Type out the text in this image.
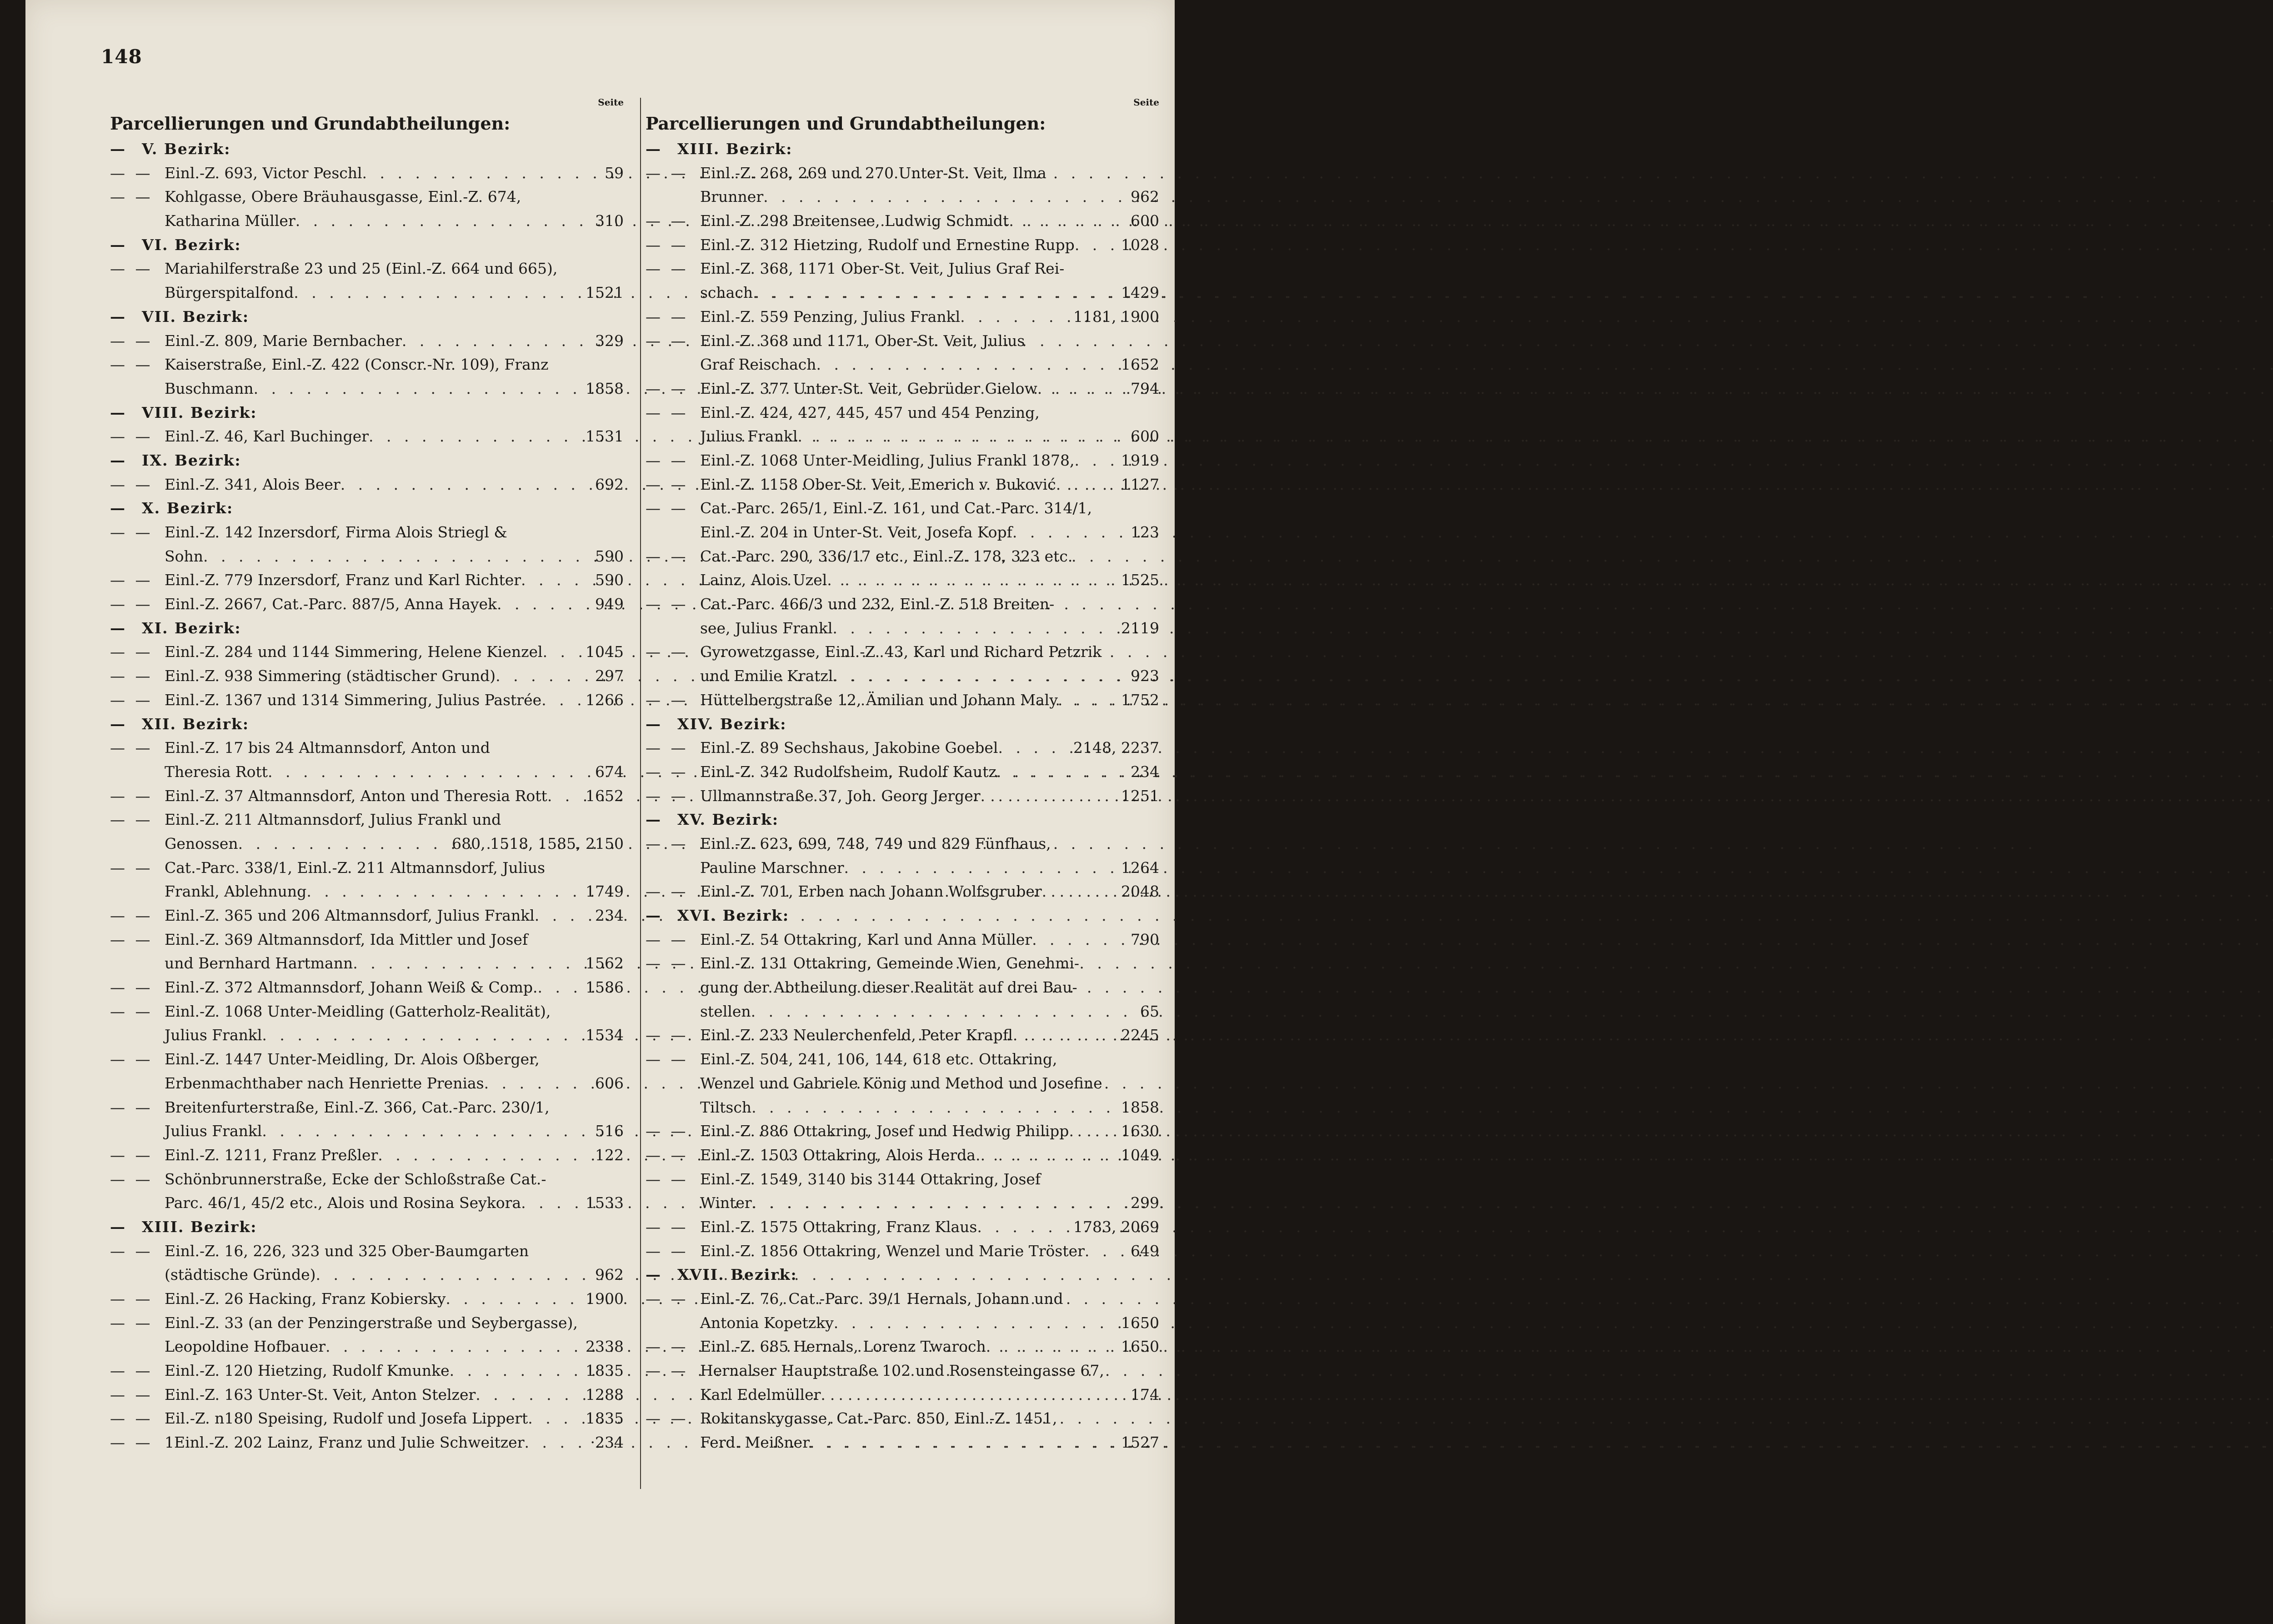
148
Seite
Parcellierungen und Grundabtheilungen:
— V. Bezirk:
— — Einl.-Z. 693, Victor Peschl . . .	59
— — Kohlgasse, Obere Bräuhausgasse, Einl.-Z. 674,
Katharina Müller . . .	310
— VI. Bezirk:
— — Mariahilferstraße 23 und 25 (Einl.-Z. 664 und 665),
Bürgerspitalfond . . .	1521
— VII. Bezirk:
— — Einl.-Z. 809, Marie Bernbacher . . .	329
— — Kaiserstraße, Einl.-Z. 422 (Conscr.-Nr. 109), Franz
Buschmann . . .	1858
— VIII. Bezirk:
— — Einl.-Z. 46, Karl Buchinger . . .	1531
— IX. Bezirk:
— — Einl.-Z. 341, Alois Beer . . .	692
— X. Bezirk:
— — Einl.-Z. 142 Inzersdorf, Firma Alois Striegl &
Sohn . . .	590
— — Einl.-Z. 779 Inzersdorf, Franz und Karl Richter . . .	590
— — Einl.-Z. 2667, Cat.-Parc. 887/5, Anna Hayek . . .	949
— XI. Bezirk:
— — Einl.-Z. 284 und 1144 Simmering, Helene Kienzel . . .	1045
— — Einl.-Z. 938 Simmering (städtischer Grund) . . .	297
— — Einl.-Z. 1367 und 1314 Simmering, Julius Pastrée . . .	1266
— XII. Bezirk:
— — Einl.-Z. 17 bis 24 Altmannsdorf, Anton und
Theresia Rott . . .	674
— — Einl.-Z. 37 Altmannsdorf, Anton und Theresia Rott . . .	1652
— — Einl.-Z. 211 Altmannsdorf, Julius Frankl und
Genossen . . .	680, 1518, 1585, 2150
— — Cat.-Parc. 338/1, Einl.-Z. 211 Altmannsdorf, Julius
Frankl, Ablehnung . . .	1749
— — Einl.-Z. 365 und 206 Altmannsdorf, Julius Frankl . . .	234
— — Einl.-Z. 369 Altmannsdorf, Ida Mittler und Josef
und Bernhard Hartmann . . .	1562
— — Einl.-Z. 372 Altmannsdorf, Johann Weiß & Comp. . . .	1586
— — Einl.-Z. 1068 Unter-Meidling (Gatterholz-Realität),
Julius Frankl . . .	1534
— — Einl.-Z. 1447 Unter-Meidling, Dr. Alois Oßberger,
Erbenmachthaber nach Henriette Prenias . . .	606
— — Breitenfurterstraße, Einl.-Z. 366, Cat.-Parc. 230/1,
Julius Frankl . . .	516
— — Einl.-Z. 1211, Franz Preßler . . .	122
— — Schönbrunnerstraße, Ecke der Schloßstraße Cat.-
Parc. 46/1, 45/2 etc., Alois und Rosina Seykora . . .	1533
— XIII. Bezirk:
— — Einl.-Z. 16, 226, 323 und 325 Ober-Baumgarten
(städtische Gründe) . . .	962
— — Einl.-Z. 26 Hacking, Franz Kobiersky . . .	1900
— — Einl.-Z. 33 (an der Penzingerstraße und Seybergasse),
Leopoldine Hofbauer . . .	2338
— — Einl.-Z. 120 Hietzing, Rudolf Kmunke . . .	1835
— — Einl.-Z. 163 Unter-St. Veit, Anton Stelzer . . .	1288
— — Eil.-Z. n180 Speising, Rudolf und Josefa Lippert . . .	1835
— — 1Einl.-Z. 202 Lainz, Franz und Julie Schweitzer . . .	·234
Seite
Parcellierungen und Grundabtheilungen:
— XIII. Bezirk:
— — Einl.-Z. 268, 269 und 270 Unter-St. Veit, Ilma
Brunner . . .	962
— — Einl.-Z. 298 Breitensee, Ludwig Schmidt . . .	600
— — Einl.-Z. 312 Hietzing, Rudolf und Ernestine Rupp . . .	1028
— — Einl.-Z. 368, 1171 Ober-St. Veit, Julius Graf Rei-
schach . . .	1429
— — Einl.-Z. 559 Penzing, Julius Frankl . . .	1181, 1900
— — Einl.-Z. 368 und 1171, Ober-St. Veit, Julius
Graf Reischach . . .	1652
— — Einl.-Z. 377 Unter-St. Veit, Gebrüder Gielow . . .	794
— — Einl.-Z. 424, 427, 445, 457 und 454 Penzing,
Julius Frankl . . .	600
— — Einl.-Z. 1068 Unter-Meidling, Julius Frankl 1878, . . .	1919
— — Einl.-Z. 1158 Ober-St. Veit, Emerich v. Buković . . .	1127
— — Cat.-Parc. 265/1, Einl.-Z. 161, und Cat.-Parc. 314/1,
Einl.-Z. 204 in Unter-St. Veit, Josefa Kopf . . .	123
— — Cat.-Parc. 290, 336/17 etc., Einl.-Z. 178, 323 etc.
Lainz, Alois Uzel . . .	1525
— — Cat.-Parc. 466/3 und 232, Einl.-Z. 518 Breiten-
see, Julius Frankl . . .	2119
— — Gyrowetzgasse, Einl.-Z. 43, Karl und Richard Petzrik
und Emilie Kratzl . . .	923
— — Hüttelbergstraße 12, Ämilian und Johann Maly . . .	1752
— XIV. Bezirk:
— — Einl.-Z. 89 Sechshaus, Jakobine Goebel . . .	2148, 2237
— — Einl.-Z. 342 Rudolfsheim, Rudolf Kautz . . .	234
— — Ullmannstraße 37, Joh. Georg Jerger . . .	1251
— XV. Bezirk:
— — Einl.-Z. 623, 699, 748, 749 und 829 Fünfhaus,
Pauline Marschner . . .	1264
— — Einl.-Z. 701, Erben nach Johann Wolfsgruber . . .	2048
— XVI. Bezirk:
— — Einl.-Z. 54 Ottakring, Karl und Anna Müller . . .	790
— — Einl.-Z. 131 Ottakring, Gemeinde Wien, Genehmi-
gung der Abtheilung dieser Realität auf drei Bau-
stellen . . .	65
— — Einl.-Z. 233 Neulerchenfeld, Peter Krapfl . . .	2245
— — Einl.-Z. 504, 241, 106, 144, 618 etc. Ottakring,
Wenzel und Gabriele König und Method und Josefine
Tiltsch . . .	1858
— — Einl.-Z. 886 Ottakring, Josef und Hedwig Philipp . . .	1630
— — Einl.-Z. 1503 Ottakring, Alois Herda . . .	1049
— — Einl.-Z. 1549, 3140 bis 3144 Ottakring, Josef
Winter . . .	299
— — Einl.-Z. 1575 Ottakring, Franz Klaus . . .	1783, 2069
— — Einl.-Z. 1856 Ottakring, Wenzel und Marie Tröster . . .	649
— XVII. Bezirk:
— — Einl.-Z. 76, Cat.-Parc. 39/1 Hernals, Johann und
Antonia Kopetzky . . .	1650
— — Einl.-Z. 685 Hernals, Lorenz Twaroch . . .	1650
— — Hernalser Hauptstraße 102 und Rosensteingasse 67,
Karl Edelmüller . . .	174
— — Rokitanskygasse, Cat.-Parc. 850, Einl.-Z. 1451,
Ferd. Meißner . . .	1527
